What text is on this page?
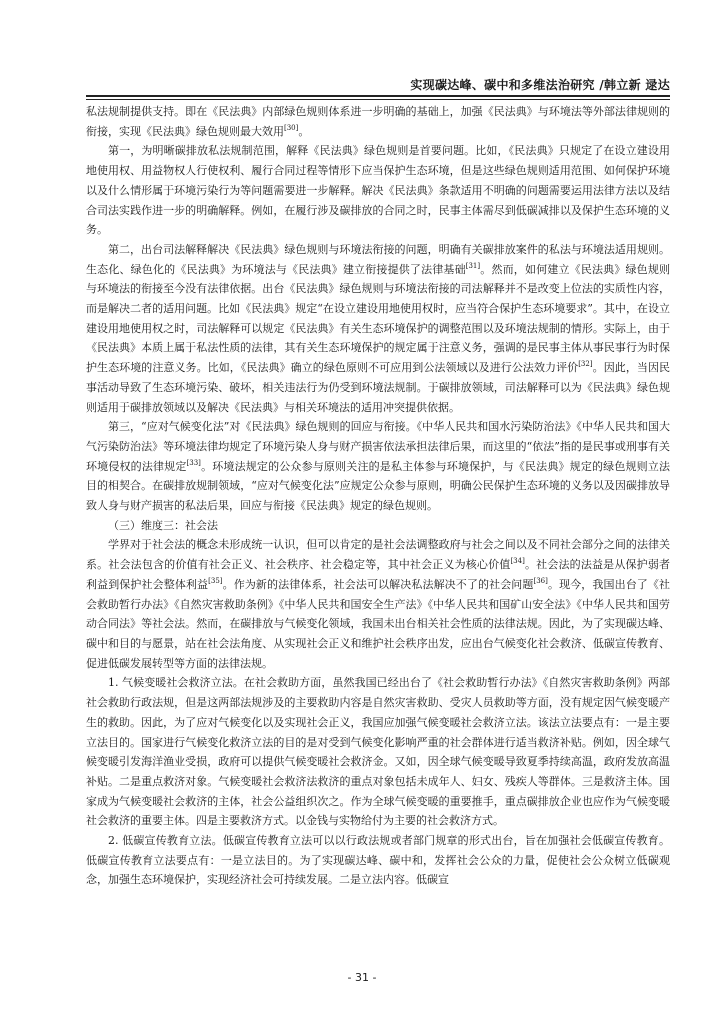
实现碳达峰、碳中和多维法治研究 /韩立新 逯达

私法规制提供支持。即在《民法典》内部绿色规则体系进一步明确的基础上，加强《民法典》与环境法等外部法律规则的衔接，实现《民法典》绿色规则最大效用[30]。

第一，为明晰碳排放私法规制范围，解释《民法典》绿色规则是首要问题。比如，《民法典》只规定了在设立建设用地使用权、用益物权人行使权利、履行合同过程等情形下应当保护生态环境，但是这些绿色规则适用范围、如何保护环境以及什么情形属于环境污染行为等问题需要进一步解释。解决《民法典》条款适用不明确的问题需要运用法律方法以及结合司法实践作进一步的明确解释。例如，在履行涉及碳排放的合同之时，民事主体需尽到低碳减排以及保护生态环境的义务。

第二，出台司法解释解决《民法典》绿色规则与环境法衔接的问题，明确有关碳排放案件的私法与环境法适用规则。生态化、绿色化的《民法典》为环境法与《民法典》建立衔接提供了法律基础[31]。然而，如何建立《民法典》绿色规则与环境法的衔接至今没有法律依据。出台《民法典》绿色规则与环境法衔接的司法解释并不是改变上位法的实质性内容，而是解决二者的适用问题。比如《民法典》规定“在设立建设用地使用权时，应当符合保护生态环境要求”。其中，在设立建设用地使用权之时，司法解释可以规定《民法典》有关生态环境保护的调整范围以及环境法规制的情形。实际上，由于《民法典》本质上属于私法性质的法律，其有关生态环境保护的规定属于注意义务，强调的是民事主体从事民事行为时保护生态环境的注意义务。比如，《民法典》确立的绿色原则不可应用到公法领域以及进行公法效力评价[32]。因此，当因民事活动导致了生态环境污染、破坏，相关违法行为仍受到环境法规制。于碳排放领域，司法解释可以为《民法典》绿色规则适用于碳排放领域以及解决《民法典》与相关环境法的适用冲突提供依据。

第三，“应对气候变化法”对《民法典》绿色规则的回应与衔接。《中华人民共和国水污染防治法》《中华人民共和国大气污染防治法》等环境法律均规定了环境污染人身与财产损害依法承担法律后果，而这里的“依法”指的是民事或刑事有关环境侵权的法律规定[33]。环境法规定的公众参与原则关注的是私主体参与环境保护，与《民法典》规定的绿色规则立法目的相契合。在碳排放规制领域，“应对气候变化法”应规定公众参与原则，明确公民保护生态环境的义务以及因碳排放导致人身与财产损害的私法后果，回应与衔接《民法典》规定的绿色规则。

（三）维度三：社会法

学界对于社会法的概念未形成统一认识，但可以肯定的是社会法调整政府与社会之间以及不同社会部分之间的法律关系。社会法包含的价值有社会正义、社会秩序、社会稳定等，其中社会正义为核心价值[34]。社会法的法益是从保护弱者利益到保护社会整体利益[35]。作为新的法律体系，社会法可以解决私法解决不了的社会问题[36]。现今，我国出台了《社会救助暂行办法》《自然灾害救助条例》《中华人民共和国安全生产法》《中华人民共和国矿山安全法》《中华人民共和国劳动合同法》等社会法。然而，在碳排放与气候变化领域，我国未出台相关社会性质的法律法规。因此，为了实现碳达峰、碳中和目的与愿景，站在社会法角度、从实现社会正义和维护社会秩序出发，应出台气候变化社会救济、低碳宣传教育、促进低碳发展转型等方面的法律法规。

1. 气候变暖社会救济立法。在社会救助方面，虽然我国已经出台了《社会救助暂行办法》《自然灾害救助条例》两部社会救助行政法规，但是这两部法规涉及的主要救助内容是自然灾害救助、受灾人员救助等方面，没有规定因气候变暖产生的救助。因此，为了应对气候变化以及实现社会正义，我国应加强气候变暖社会救济立法。该法立法要点有：一是主要立法目的。国家进行气候变化救济立法的目的是对受到气候变化影响严重的社会群体进行适当救济补贴。例如，因全球气候变暖引发海洋渔业受损，政府可以提供气候变暖社会救济金。又如，因全球气候变暖导致夏季持续高温，政府发放高温补贴。二是重点救济对象。气候变暖社会救济法救济的重点对象包括未成年人、妇女、残疾人等群体。三是救济主体。国家成为气候变暖社会救济的主体，社会公益组织次之。作为全球气候变暖的重要推手，重点碳排放企业也应作为气候变暖社会救济的重要主体。四是主要救济方式。以金钱与实物给付为主要的社会救济方式。

2. 低碳宣传教育立法。低碳宣传教育立法可以以行政法规或者部门规章的形式出台，旨在加强社会低碳宣传教育。低碳宣传教育立法要点有：一是立法目的。为了实现碳达峰、碳中和，发挥社会公众的力量，促使社会公众树立低碳观念，加强生态环境保护，实现经济社会可持续发展。二是立法内容。低碳宣

- 31 -
